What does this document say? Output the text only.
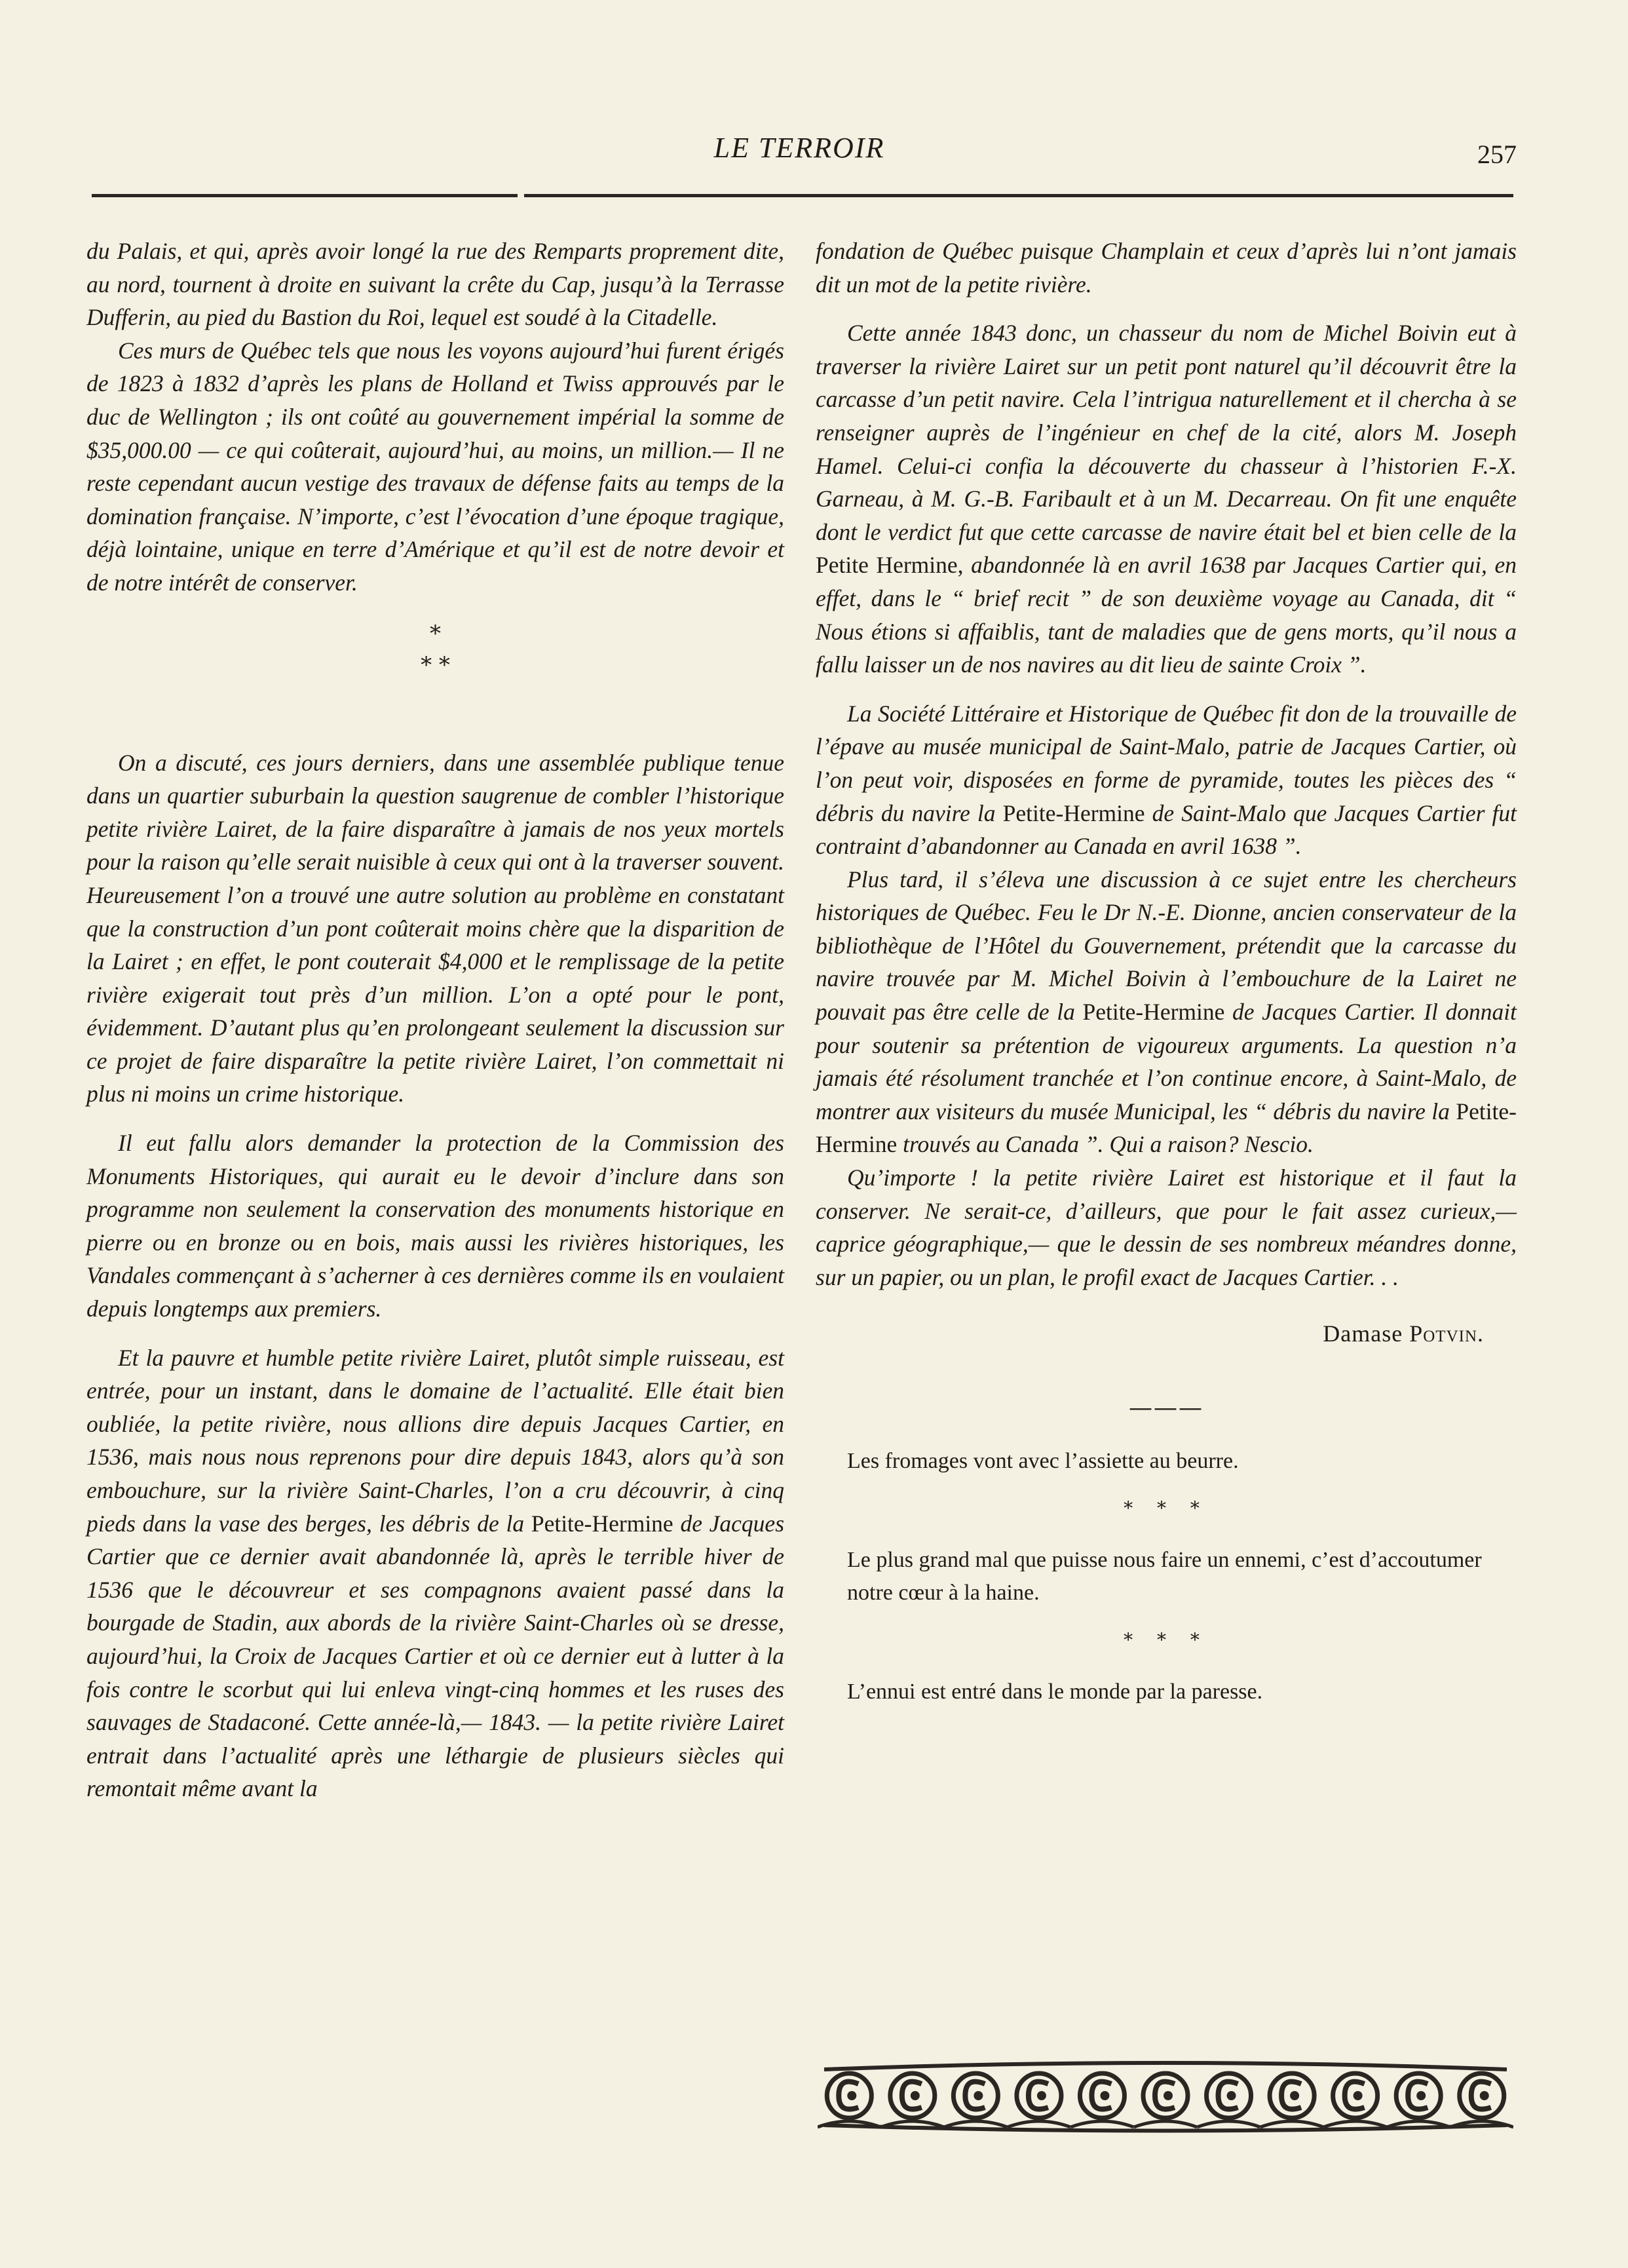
LE TERROIR	257

du Palais, et qui, après avoir longé la rue des Remparts proprement dite, au nord, tournent à droite en suivant la crête du Cap, jusqu’à la Terrasse Dufferin, au pied du Bastion du Roi, lequel est soudé à la Citadelle.

Ces murs de Québec tels que nous les voyons aujourd’hui furent érigés de 1823 à 1832 d’après les plans de Holland et Twiss approuvés par le duc de Wellington ; ils ont coûté au gouvernement impérial la somme de $35,000.00 — ce qui coûterait, aujourd’hui, au moins, un million.— Il ne reste cependant aucun vestige des travaux de défense faits au temps de la domination française. N’importe, c’est l’évocation d’une époque tragique, déjà lointaine, unique en terre d’Amérique et qu’il est de notre devoir et de notre intérêt de conserver.

*
* *

On a discuté, ces jours derniers, dans une assemblée publique tenue dans un quartier suburbain la question saugrenue de combler l’historique petite rivière Lairet, de la faire disparaître à jamais de nos yeux mortels pour la raison qu’elle serait nuisible à ceux qui ont à la traverser souvent. Heureusement l’on a trouvé une autre solution au problème en constatant que la construction d’un pont coûterait moins chère que la disparition de la Lairet ; en effet, le pont couterait $4,000 et le remplissage de la petite rivière exigerait tout près d’un million. L’on a opté pour le pont, évidemment. D’autant plus qu’en prolongeant seulement la discussion sur ce projet de faire disparaître la petite rivière Lairet, l’on commettait ni plus ni moins un crime historique.

Il eut fallu alors demander la protection de la Commission des Monuments Historiques, qui aurait eu le devoir d’inclure dans son programme non seulement la conservation des monuments historique en pierre ou en bronze ou en bois, mais aussi les rivières historiques, les Vandales commençant à s’acherner à ces dernières comme ils en voulaient depuis longtemps aux premiers.

Et la pauvre et humble petite rivière Lairet, plutôt simple ruisseau, est entrée, pour un instant, dans le domaine de l’actualité. Elle était bien oubliée, la petite rivière, nous allions dire depuis Jacques Cartier, en 1536, mais nous nous reprenons pour dire depuis 1843, alors qu’à son embouchure, sur la rivière Saint-Charles, l’on a cru découvrir, à cinq pieds dans la vase des berges, les débris de la Petite-Hermine de Jacques Cartier que ce dernier avait abandonnée là, après le terrible hiver de 1536 que le découvreur et ses compagnons avaient passé dans la bourgade de Stadin, aux abords de la rivière Saint-Charles où se dresse, aujourd’hui, la Croix de Jacques Cartier et où ce dernier eut à lutter à la fois contre le scorbut qui lui enleva vingt-cinq hommes et les ruses des sauvages de Stadaconé. Cette année-là,— 1843. — la petite rivière Lairet entrait dans l’actualité après une léthargie de plusieurs siècles qui remontait même avant la

fondation de Québec puisque Champlain et ceux d’après lui n’ont jamais dit un mot de la petite rivière.

Cette année 1843 donc, un chasseur du nom de Michel Boivin eut à traverser la rivière Lairet sur un petit pont naturel qu’il découvrit être la carcasse d’un petit navire. Cela l’intrigua naturellement et il chercha à se renseigner auprès de l’ingénieur en chef de la cité, alors M. Joseph Hamel. Celui-ci confia la découverte du chasseur à l’historien F.-X. Garneau, à M. G.-B. Faribault et à un M. Decarreau. On fit une enquête dont le verdict fut que cette carcasse de navire était bel et bien celle de la Petite Hermine, abandonnée là en avril 1638 par Jacques Cartier qui, en effet, dans le “ brief recit ” de son deuxième voyage au Canada, dit “ Nous étions si affaiblis, tant de maladies que de gens morts, qu’il nous a fallu laisser un de nos navires au dit lieu de sainte Croix ”.

La Société Littéraire et Historique de Québec fit don de la trouvaille de l’épave au musée municipal de Saint-Malo, patrie de Jacques Cartier, où l’on peut voir, disposées en forme de pyramide, toutes les pièces des “ débris du navire la Petite-Hermine de Saint-Malo que Jacques Cartier fut contraint d’abandonner au Canada en avril 1638 ”.

Plus tard, il s’éleva une discussion à ce sujet entre les chercheurs historiques de Québec. Feu le Dr N.-E. Dionne, ancien conservateur de la bibliothèque de l’Hôtel du Gouvernement, prétendit que la carcasse du navire trouvée par M. Michel Boivin à l’embouchure de la Lairet ne pouvait pas être celle de la Petite-Hermine de Jacques Cartier. Il donnait pour soutenir sa prétention de vigoureux arguments. La question n’a jamais été résolument tranchée et l’on continue encore, à Saint-Malo, de montrer aux visiteurs du musée Municipal, les “ débris du navire la Petite-Hermine trouvés au Canada ”. Qui a raison? Nescio.

Qu’importe ! la petite rivière Lairet est historique et il faut la conserver. Ne serait-ce, d’ailleurs, que pour le fait assez curieux,— caprice géographique,— que le dessin de ses nombreux méandres donne, sur un papier, ou un plan, le profil exact de Jacques Cartier. . .

Damase Potvin.
———
Les fromages vont avec l’assiette au beurre.
* * *
Le plus grand mal que puisse nous faire un ennemi, c’est d’accoutumer notre cœur à la haine.
* * *
L’ennui est entré dans le monde par la paresse.
